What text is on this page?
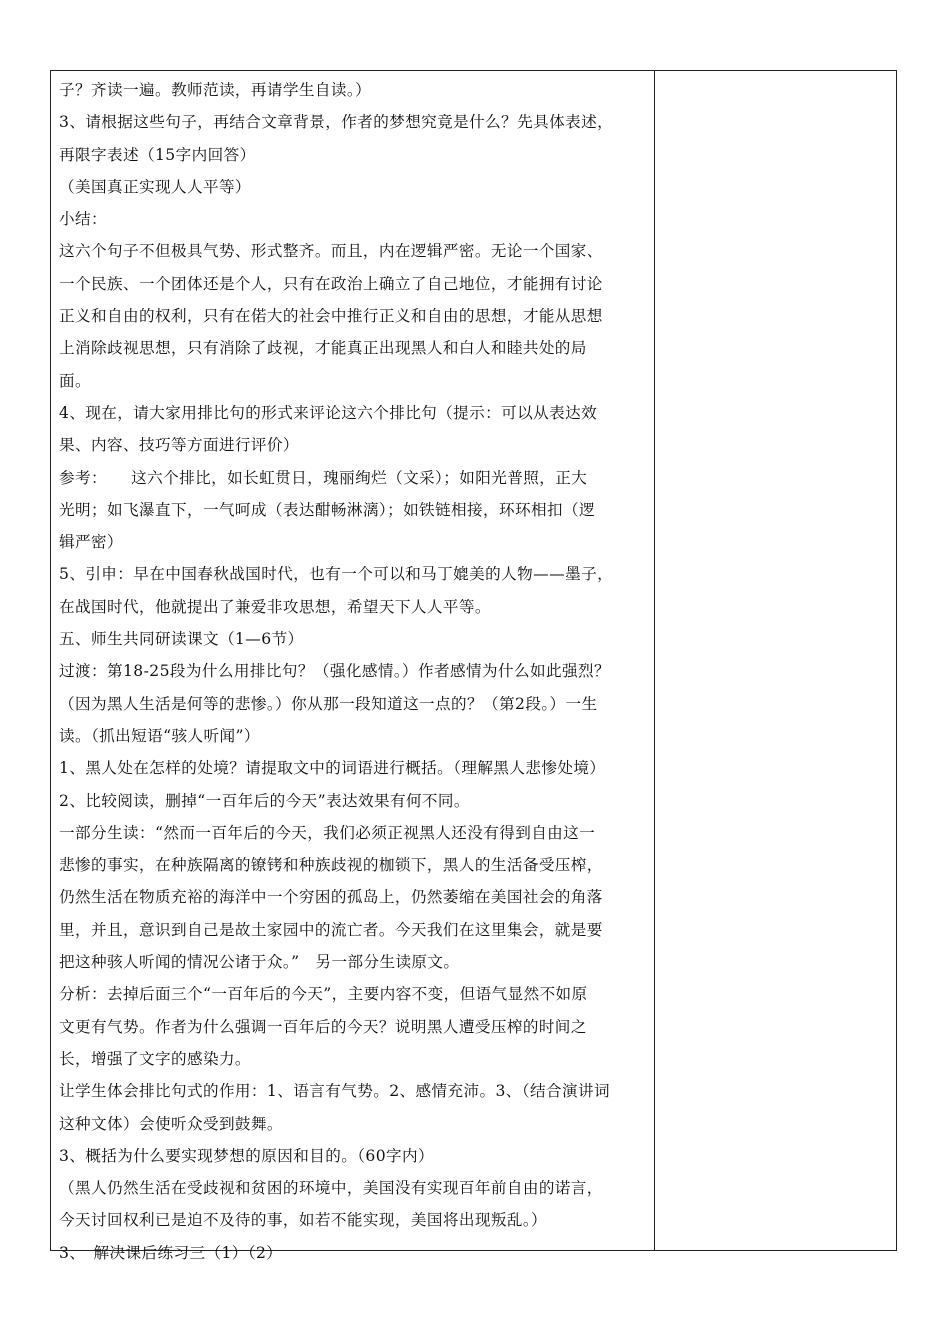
子？齐读一遍。教师范读，再请学生自读。）
3、请根据这些句子，再结合文章背景，作者的梦想究竟是什么？先具体表述，
再限字表述（15字内回答）
（美国真正实现人人平等）
小结：
这六个句子不但极具气势、形式整齐。而且，内在逻辑严密。无论一个国家、
一个民族、一个团体还是个人，只有在政治上确立了自己地位，才能拥有讨论
正义和自由的权利，只有在偌大的社会中推行正义和自由的思想，才能从思想
上消除歧视思想，只有消除了歧视，才能真正出现黑人和白人和睦共处的局
面。
4、现在，请大家用排比句的形式来评论这六个排比句（提示：可以从表达效
果、内容、技巧等方面进行评价）
参考：　　这六个排比，如长虹贯日，瑰丽绚烂（文采）；如阳光普照，正大
光明；如飞瀑直下，一气呵成（表达酣畅淋漓）；如铁链相接，环环相扣（逻
辑严密）
5、引申：早在中国春秋战国时代，也有一个可以和马丁媲美的人物——墨子，
在战国时代，他就提出了兼爱非攻思想，希望天下人人平等。
五、师生共同研读课文（1—6节）
过渡：第18-25段为什么用排比句？（强化感情。）作者感情为什么如此强烈？
（因为黑人生活是何等的悲惨。）你从那一段知道这一点的？（第2段。）一生
读。（抓出短语“骇人听闻”）
1、黑人处在怎样的处境？请提取文中的词语进行概括。（理解黑人悲惨处境）
2、比较阅读，删掉“一百年后的今天”表达效果有何不同。
一部分生读：“然而一百年后的今天，我们必须正视黑人还没有得到自由这一
悲惨的事实，在种族隔离的镣铐和种族歧视的枷锁下，黑人的生活备受压榨，
仍然生活在物质充裕的海洋中一个穷困的孤岛上，仍然萎缩在美国社会的角落
里，并且，意识到自己是故土家园中的流亡者。今天我们在这里集会，就是要
把这种骇人听闻的情况公诸于众。”　另一部分生读原文。
分析：去掉后面三个“一百年后的今天”，主要内容不变，但语气显然不如原
文更有气势。作者为什么强调一百年后的今天？说明黑人遭受压榨的时间之
长，增强了文字的感染力。
让学生体会排比句式的作用：1、语言有气势。2、感情充沛。3、（结合演讲词
这种文体）会使听众受到鼓舞。
3、概括为什么要实现梦想的原因和目的。（60字内）
（黑人仍然生活在受歧视和贫困的环境中，美国没有实现百年前自由的诺言，
今天讨回权利已是迫不及待的事，如若不能实现，美国将出现叛乱。）
3、　解决课后练习三（1）（2）
